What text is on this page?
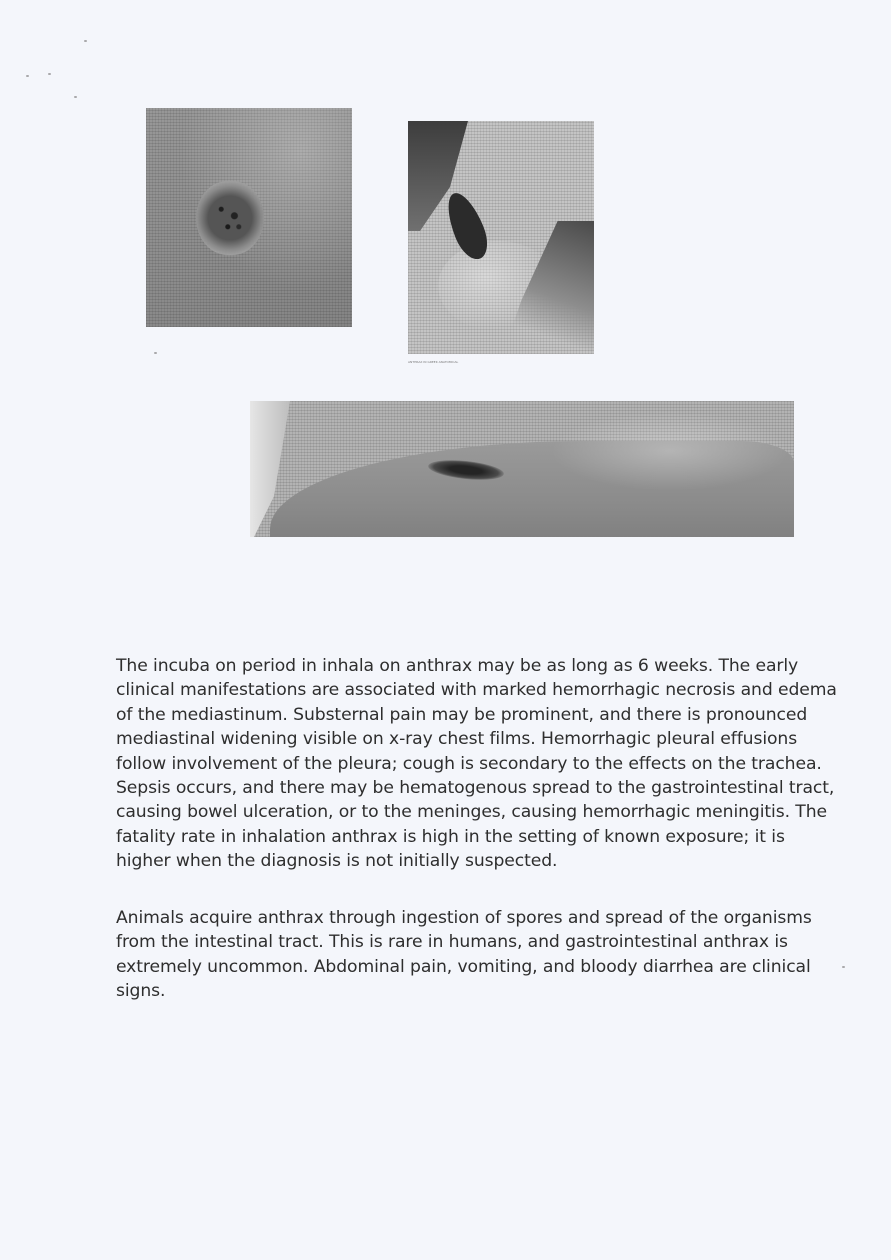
ANTHRAX IN GREEK ANATOMICAL

The incuba on period in inhala on anthrax may be as long as 6 weeks. The early clinical manifestations are associated with marked hemorrhagic necrosis and edema of the mediastinum. Substernal pain may be prominent, and there is pronounced mediastinal widening visible on x-ray chest films. Hemorrhagic pleural effusions follow involvement of the pleura; cough is secondary to the effects on the trachea. Sepsis occurs, and there may be hematogenous spread to the gastrointestinal tract, causing bowel ulceration, or to the meninges, causing hemorrhagic meningitis. The fatality rate in inhalation anthrax is high in the setting of known exposure; it is higher when the diagnosis is not initially suspected.

Animals acquire anthrax through ingestion of spores and spread of the organisms from the intestinal tract. This is rare in humans, and gastrointestinal anthrax is extremely uncommon. Abdominal pain, vomiting, and bloody diarrhea are clinical signs.
